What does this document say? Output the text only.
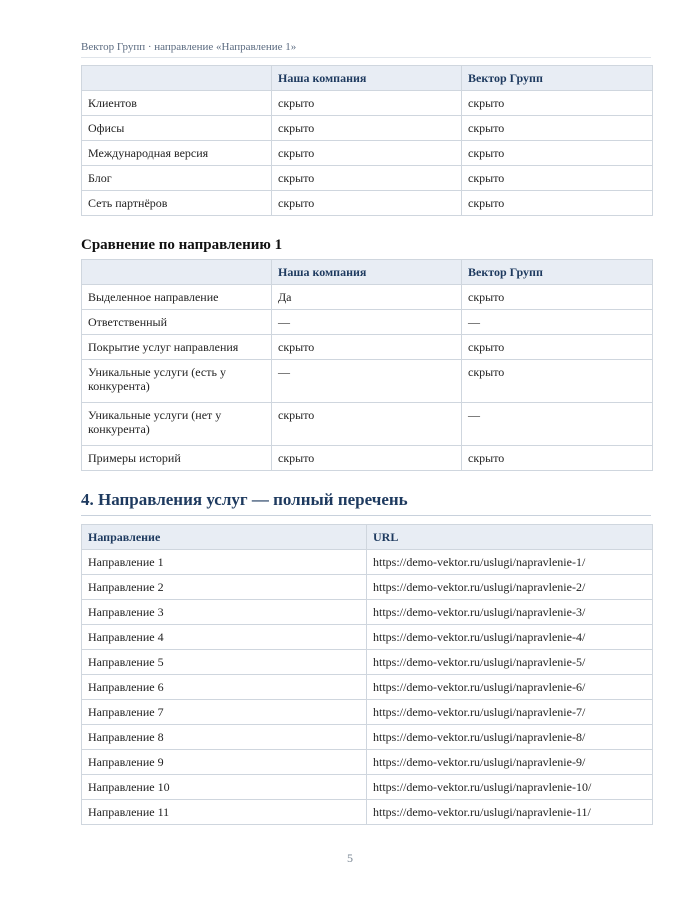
Вектор Групп · направление «Направление 1»
	Наша компания	Вектор Групп
Клиентов	скрыто	скрыто
Офисы	скрыто	скрыто
Международная версия	скрыто	скрыто
Блог	скрыто	скрыто
Сеть партнёров	скрыто	скрыто
Сравнение по направлению 1
	Наша компания	Вектор Групп
Выделенное направление	Да	скрыто
Ответственный	—	—
Покрытие услуг направления	скрыто	скрыто
Уникальные услуги (есть у конкурента)	—	скрыто
Уникальные услуги (нет у конкурента)	скрыто	—
Примеры историй	скрыто	скрыто
4. Направления услуг — полный перечень
Направление	URL
Направление 1	https://demo-vektor.ru/uslugi/napravlenie-1/
Направление 2	https://demo-vektor.ru/uslugi/napravlenie-2/
Направление 3	https://demo-vektor.ru/uslugi/napravlenie-3/
Направление 4	https://demo-vektor.ru/uslugi/napravlenie-4/
Направление 5	https://demo-vektor.ru/uslugi/napravlenie-5/
Направление 6	https://demo-vektor.ru/uslugi/napravlenie-6/
Направление 7	https://demo-vektor.ru/uslugi/napravlenie-7/
Направление 8	https://demo-vektor.ru/uslugi/napravlenie-8/
Направление 9	https://demo-vektor.ru/uslugi/napravlenie-9/
Направление 10	https://demo-vektor.ru/uslugi/napravlenie-10/
Направление 11	https://demo-vektor.ru/uslugi/napravlenie-11/
5
